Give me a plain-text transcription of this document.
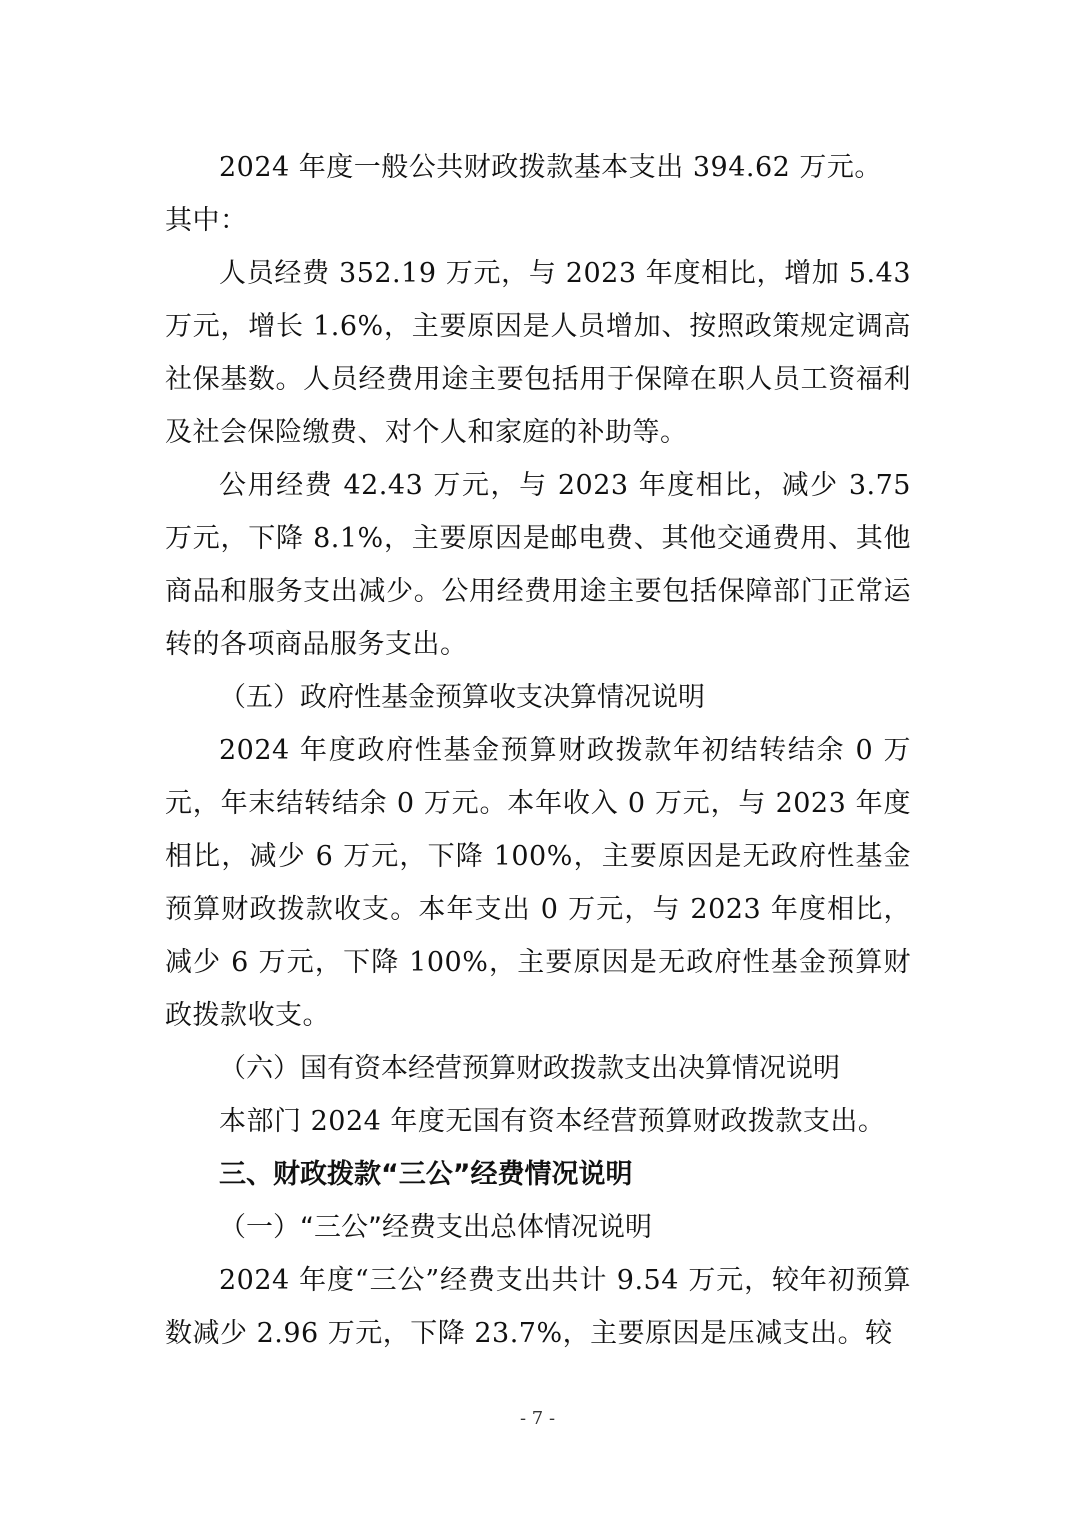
2024 年度一般公共财政拨款基本支出 394.62 万元。

其中：

人员经费 352.19 万元，与 2023 年度相比，增加 5.43 万元，增长 1.6%，主要原因是人员增加、按照政策规定调高社保基数。人员经费用途主要包括用于保障在职人员工资福利及社会保险缴费、对个人和家庭的补助等。

公用经费 42.43 万元，与 2023 年度相比，减少 3.75 万元，下降 8.1%，主要原因是邮电费、其他交通费用、其他商品和服务支出减少。公用经费用途主要包括保障部门正常运转的各项商品服务支出。

（五）政府性基金预算收支决算情况说明

2024 年度政府性基金预算财政拨款年初结转结余 0 万元，年末结转结余 0 万元。本年收入 0 万元，与 2023 年度相比，减少 6 万元，下降 100%，主要原因是无政府性基金预算财政拨款收支。本年支出 0 万元，与 2023 年度相比，减少 6 万元，下降 100%，主要原因是无政府性基金预算财政拨款收支。

（六）国有资本经营预算财政拨款支出决算情况说明

本部门 2024 年度无国有资本经营预算财政拨款支出。

三、财政拨款“三公”经费情况说明

（一）“三公”经费支出总体情况说明

2024 年度“三公”经费支出共计 9.54 万元，较年初预算数减少 2.96 万元，下降 23.7%，主要原因是压减支出。较

- 7 -
